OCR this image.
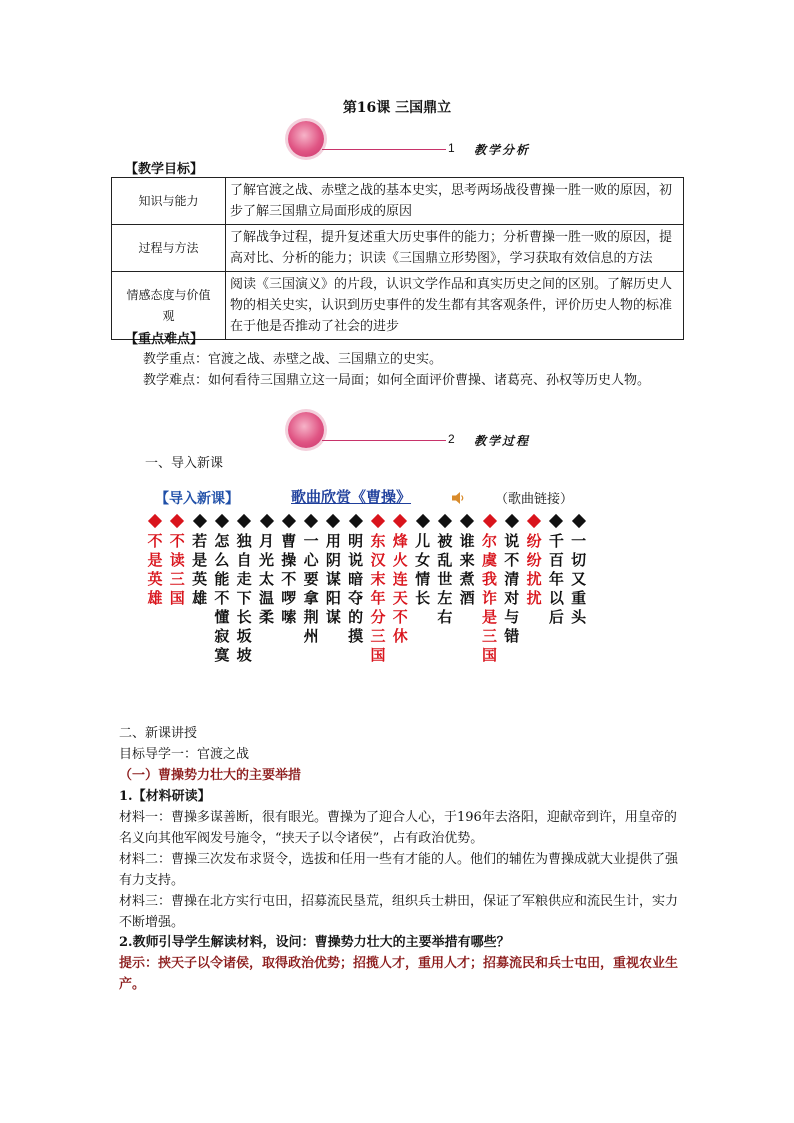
第16课 三国鼎立
1 教学分析
【教学目标】
知识与能力	了解官渡之战、赤壁之战的基本史实，思考两场战役曹操一胜一败的原因，初步了解三国鼎立局面形成的原因
过程与方法	了解战争过程，提升复述重大历史事件的能力；分析曹操一胜一败的原因，提高对比、分析的能力；识读《三国鼎立形势图》，学习获取有效信息的方法
情感态度与价值观	阅读《三国演义》的片段，认识文学作品和真实历史之间的区别。了解历史人物的相关史实，认识到历史事件的发生都有其客观条件，评价历史人物的标准在于他是否推动了社会的进步
【重点难点】
教学重点：官渡之战、赤壁之战、三国鼎立的史实。
教学难点：如何看待三国鼎立这一局面；如何全面评价曹操、诸葛亮、孙权等历史人物。
2 教学过程
一、导入新课
【导入新课】	歌曲欣赏《曹操》	（歌曲链接）
不
是
英
雄
不
读
三
国
若
是
英
雄
怎
么
能
不
懂
寂
寞
独
自
走
下
长
坂
坡
月
光
太
温
柔
曹
操
不
啰
嗦
一
心
要
拿
荆
州
用
阴
谋
阳
谋
明
说
暗
夺
的
摸
东
汉
末
年
分
三
国
烽
火
连
天
不
休
儿
女
情
长
被
乱
世
左
右
谁
来
煮
酒
尔
虞
我
诈
是
三
国
说
不
清
对
与
错
纷
纷
扰
扰
千
百
年
以
后
一
切
又
重
头
二、新课讲授
目标导学一：官渡之战
（一）曹操势力壮大的主要举措
1.【材料研读】
材料一：曹操多谋善断，很有眼光。曹操为了迎合人心，于196年去洛阳，迎献帝到许，用皇帝的名义向其他军阀发号施令，“挟天子以令诸侯”，占有政治优势。
材料二：曹操三次发布求贤令，选拔和任用一些有才能的人。他们的辅佐为曹操成就大业提供了强有力支持。
材料三：曹操在北方实行屯田，招募流民垦荒，组织兵士耕田，保证了军粮供应和流民生计，实力不断增强。
2.教师引导学生解读材料，设问：曹操势力壮大的主要举措有哪些？
提示：挟天子以令诸侯，取得政治优势；招揽人才，重用人才；招募流民和兵士屯田，重视农业生产。
